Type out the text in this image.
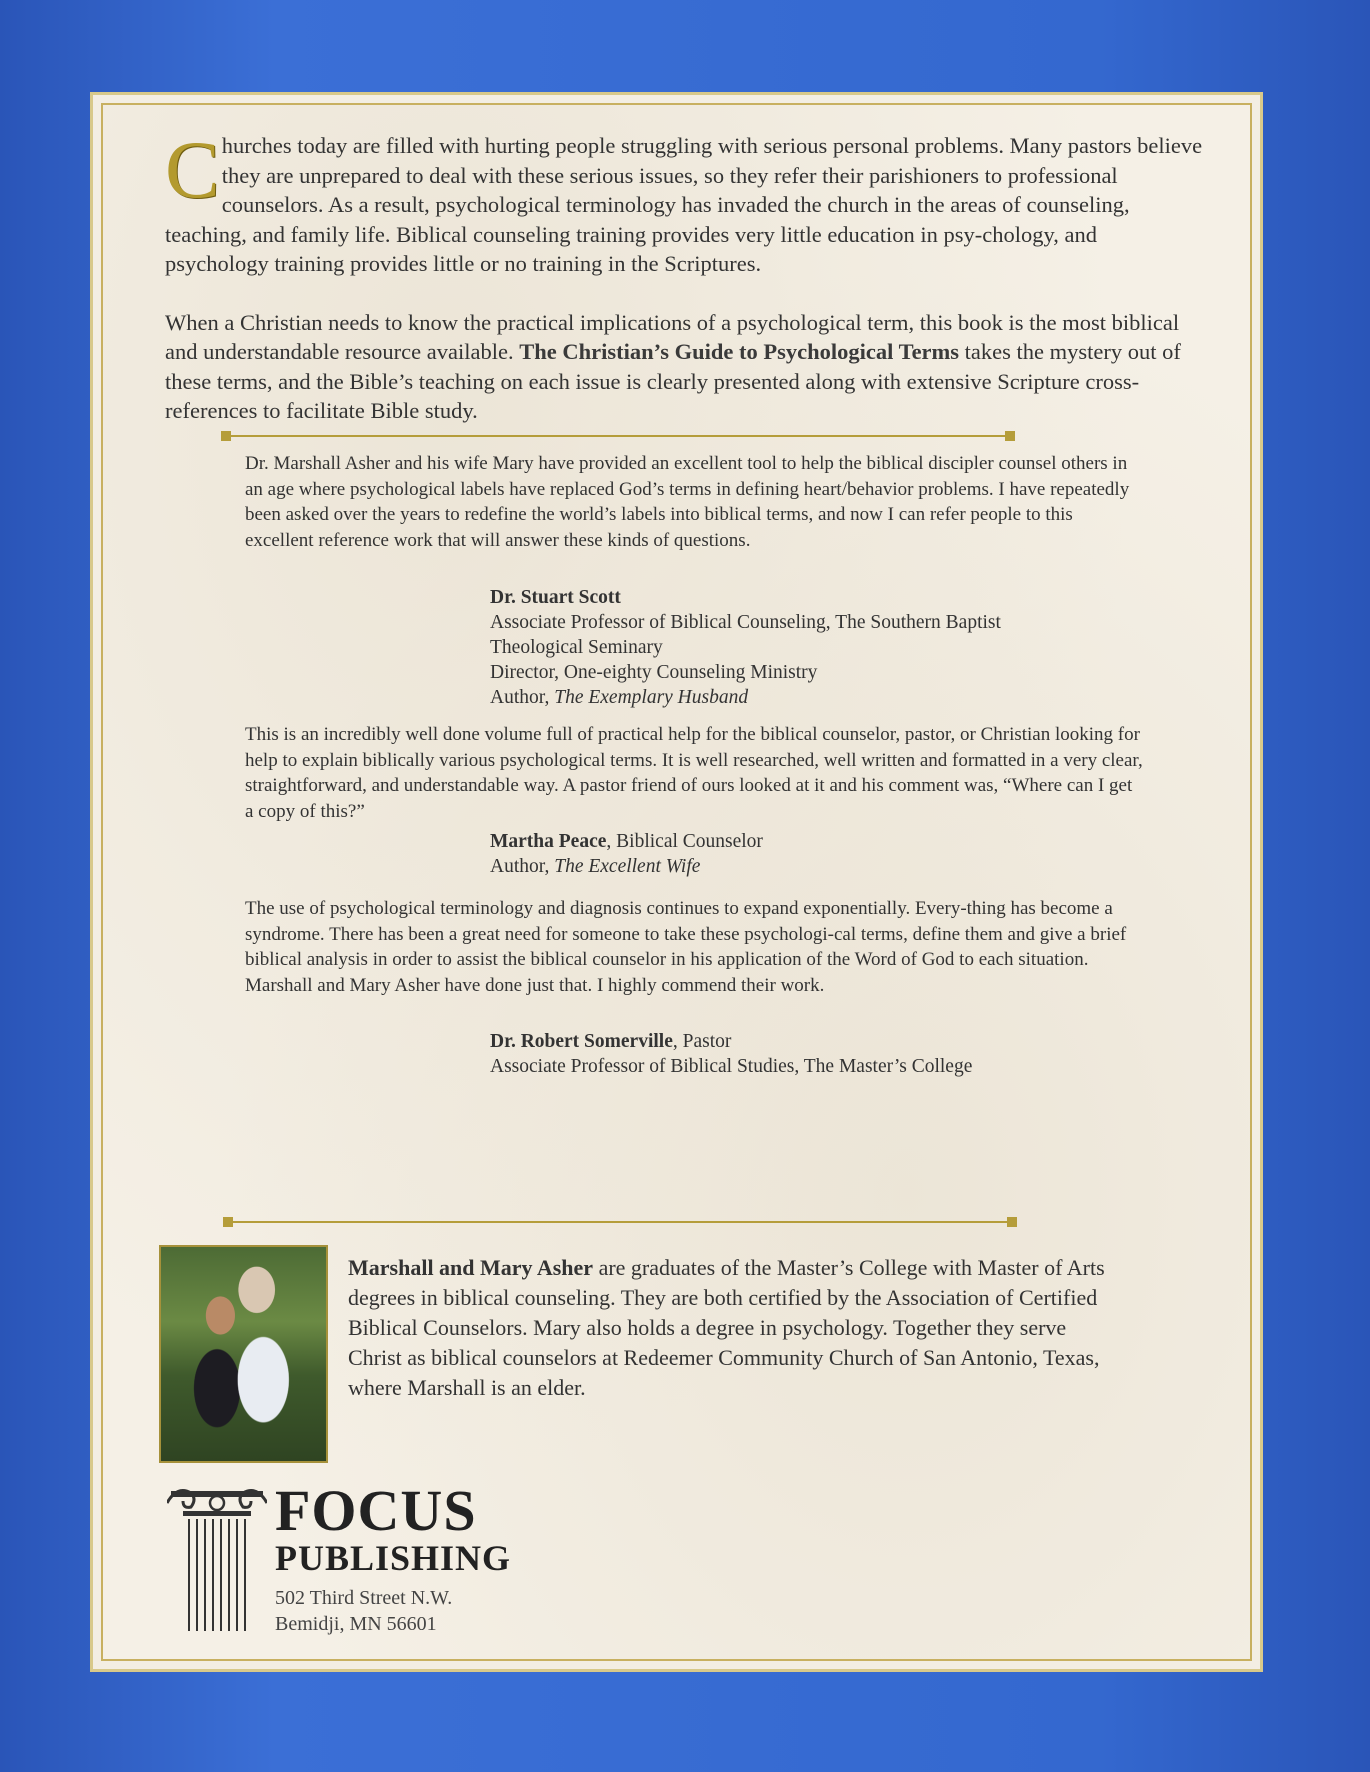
Churches today are filled with hurting people struggling with serious personal problems. Many pastors believe they are unprepared to deal with these serious issues, so they refer their parishioners to professional counselors. As a result, psychological terminology has invaded the church in the areas of counseling, teaching, and family life. Biblical counseling training provides very little education in psy-chology, and psychology training provides little or no training in the Scriptures.

When a Christian needs to know the practical implications of a psychological term, this book is the most biblical and understandable resource available. The Christian’s Guide to Psychological Terms takes the mystery out of these terms, and the Bible’s teaching on each issue is clearly presented along with extensive Scripture cross-references to facilitate Bible study.

Dr. Marshall Asher and his wife Mary have provided an excellent tool to help the biblical discipler counsel others in an age where psychological labels have replaced God’s terms in defining heart/behavior problems. I have repeatedly been asked over the years to redefine the world’s labels into biblical terms, and now I can refer people to this excellent reference work that will answer these kinds of questions.
Dr. Stuart Scott
Associate Professor of Biblical Counseling, The Southern Baptist Theological Seminary
Director, One-eighty Counseling Ministry
Author, The Exemplary Husband
This is an incredibly well done volume full of practical help for the biblical counselor, pastor, or Christian looking for help to explain biblically various psychological terms. It is well researched, well written and formatted in a very clear, straightforward, and understandable way. A pastor friend of ours looked at it and his comment was, “Where can I get a copy of this?”
Martha Peace, Biblical Counselor
Author, The Excellent Wife
The use of psychological terminology and diagnosis continues to expand exponentially. Every-thing has become a syndrome. There has been a great need for someone to take these psychologi-cal terms, define them and give a brief biblical analysis in order to assist the biblical counselor in his application of the Word of God to each situation. Marshall and Mary Asher have done just that. I highly commend their work.
Dr. Robert Somerville, Pastor
Associate Professor of Biblical Studies, The Master’s College
Marshall and Mary Asher are graduates of the Master’s College with Master of Arts degrees in biblical counseling. They are both certified by the Association of Certified Biblical Counselors. Mary also holds a degree in psychology. Together they serve Christ as biblical counselors at Redeemer Community Church of San Antonio, Texas, where Marshall is an elder.
FOCUS
PUBLISHING
502 Third Street N.W.
Bemidji, MN 56601
